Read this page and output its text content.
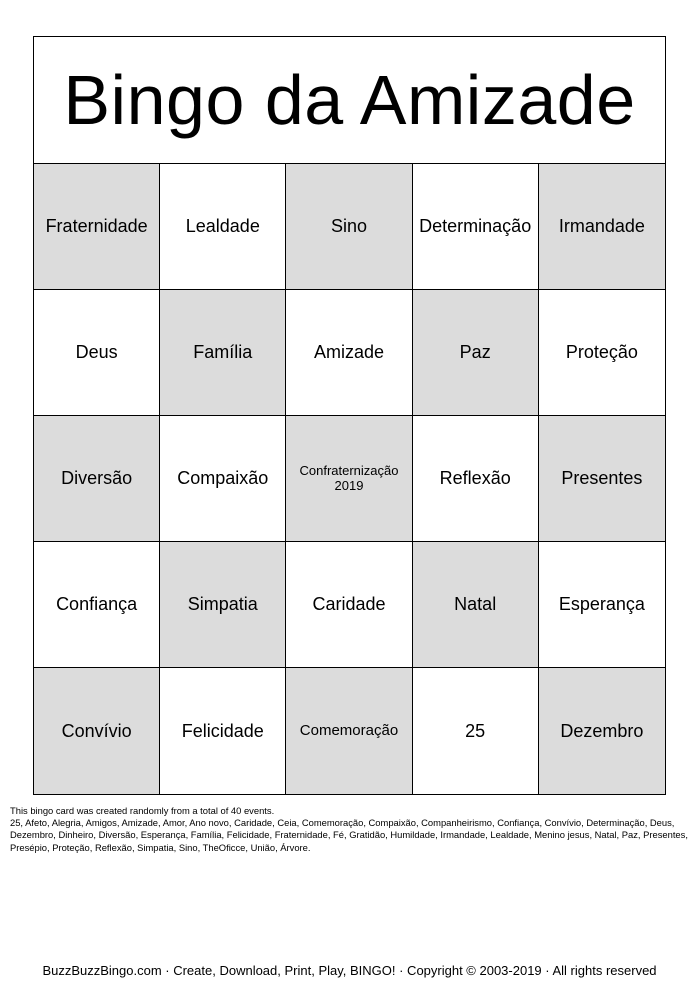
Bingo da Amizade
Fraternidade	Lealdade	Sino	Determinação	Irmandade
Deus	Família	Amizade	Paz	Proteção
Diversão	Compaixão	Confraternização 2019	Reflexão	Presentes
Confiança	Simpatia	Caridade	Natal	Esperança
Convívio	Felicidade	Comemoração	25	Dezembro
This bingo card was created randomly from a total of 40 events.
25, Afeto, Alegria, Amigos, Amizade, Amor, Ano novo, Caridade, Ceia, Comemoração, Compaixão, Companheirismo, Confiança, Convívio, Determinação, Deus, Dezembro, Dinheiro, Diversão, Esperança, Família, Felicidade, Fraternidade, Fé, Gratidão, Humildade, Irmandade, Lealdade, Menino jesus, Natal, Paz, Presentes, Presépio, Proteção, Reflexão, Simpatia, Sino, TheOficce, União, Árvore.
BuzzBuzzBingo.com · Create, Download, Print, Play, BINGO! · Copyright © 2003-2019 · All rights reserved
